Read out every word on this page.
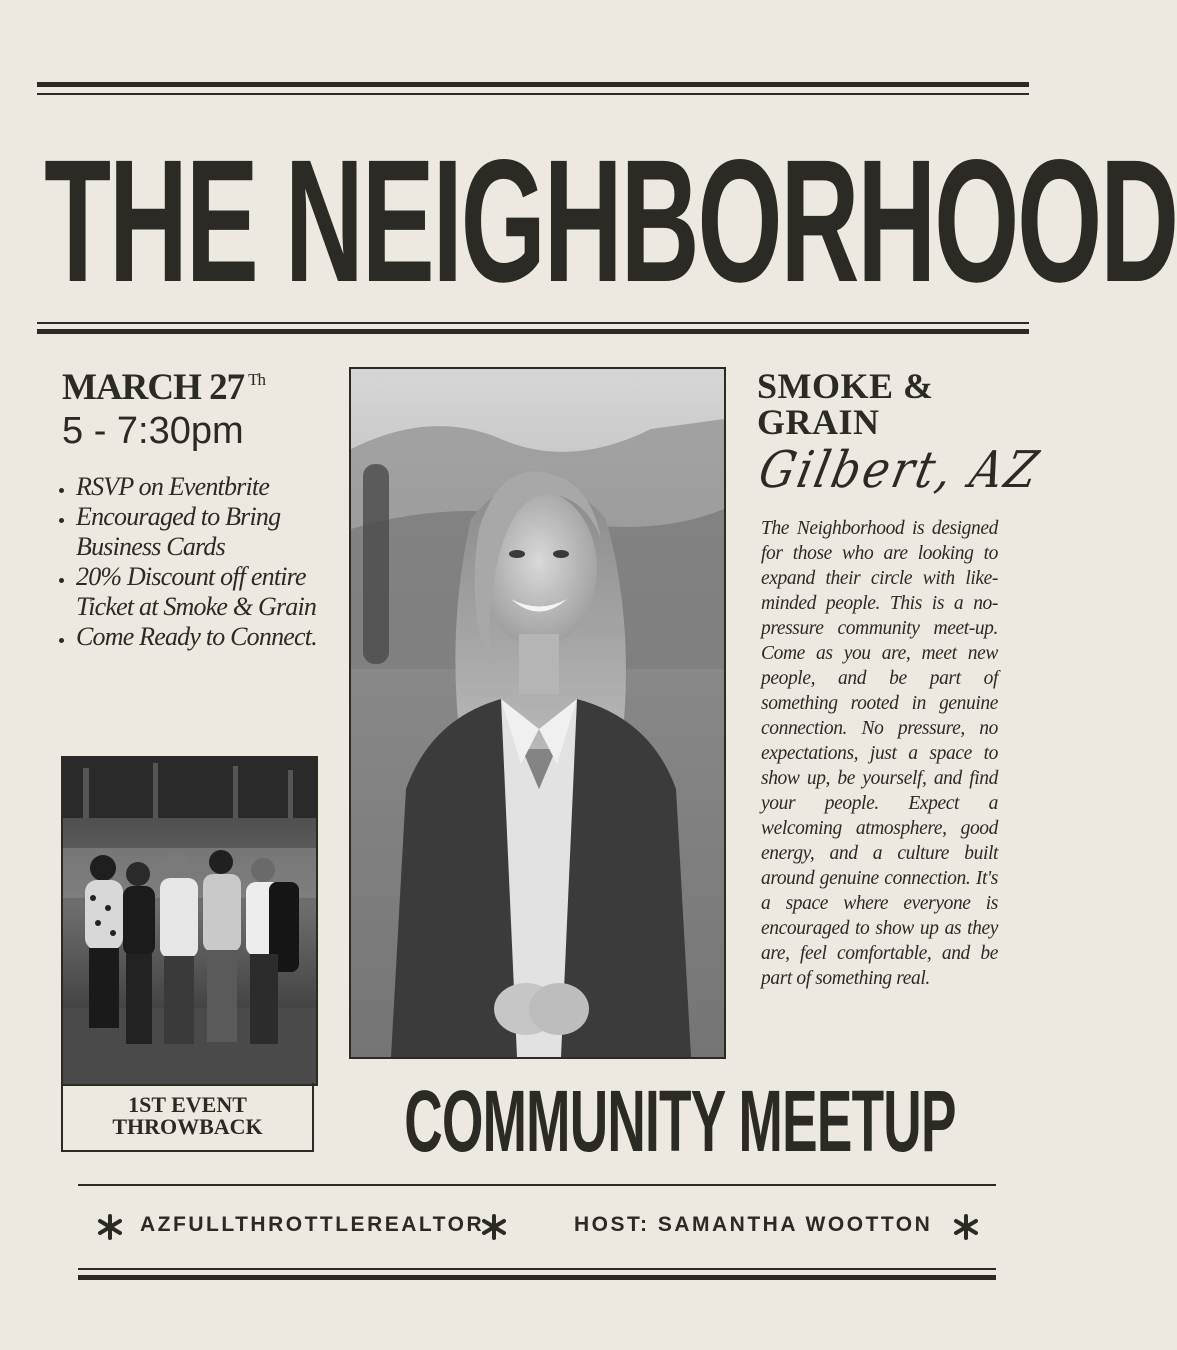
THE NEIGHBORHOOD
MARCH 27 $^{Th}$
5 - 7:30pm
• RSVP on Eventbrite
• Encouraged to Bring Business Cards
• 20% Discount off entire Ticket at Smoke & Grain
• Come Ready to Connect.
1ST EVENT
THROWBACK
SMOKE &
GRAIN
Gilbert, AZ
The Neighborhood is designed for those who are looking to expand their circle with like-minded people. This is a no-pressure community meet-up. Come as you are, meet new people, and be part of something rooted in genuine connection. No pressure, no expectations, just a space to show up, be yourself, and find your people. Expect a welcoming atmosphere, good energy, and a culture built around genuine connection. It's a space where everyone is encouraged to show up as they are, feel comfortable, and be part of something real.
COMMUNITY MEETUP
AZFULLTHROTTLEREALTOR	HOST: SAMANTHA WOOTTON
